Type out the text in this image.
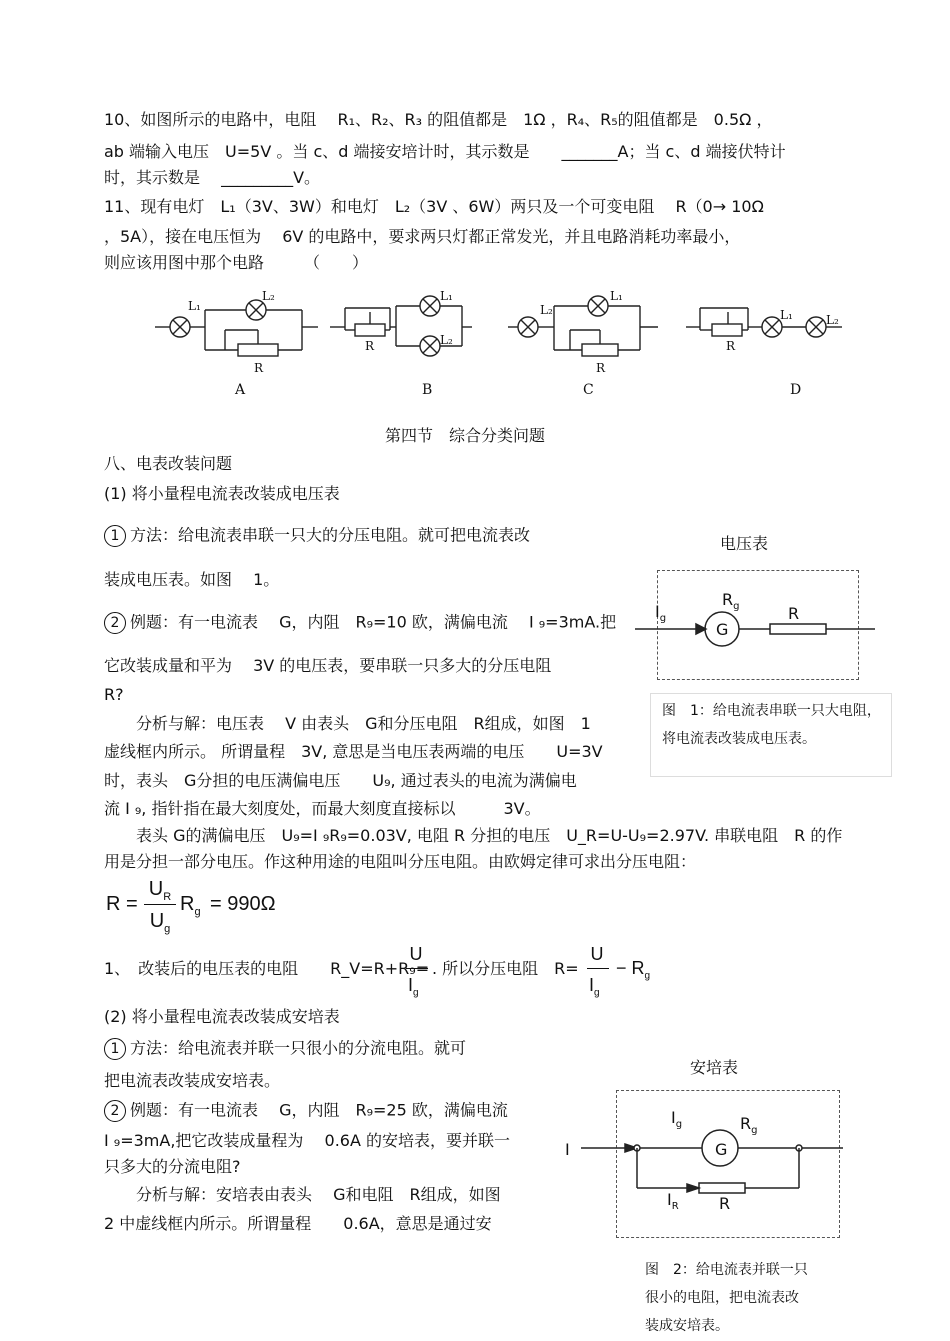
10、如图所示的电路中，电阻　 R₁、R₂、R₃ 的阻值都是　1Ω ，R₄、R₅的阻值都是　0.5Ω ，
ab 端输入电压　U=5V 。当 c、d 端接安培计时，其示数是　　_______A；当 c、d 端接伏特计
时，其示数是　 _________V。
11、现有电灯　L₁（3V、3W）和电灯　L₂（3V 、6W）两只及一个可变电阻　 R（0→ 10Ω
，5A），接在电压恒为　 6V 的电路中，要求两只灯都正常发光，并且电路消耗功率最小，
则应该用图中那个电路　　　（　　）
L₁
L₂
R
R
L₁
L₂
L₂
L₁
R
R
L₁	L₂
A	B	C	D
第四节　综合分类问题
八、电表改装问题
(1) 将小量程电流表改装成电压表
1 方法：给电流表串联一只大的分压电阻。就可把电流表改
装成电压表。如图　 1。
2 例题：有一电流表　 G，内阻　R₉=10 欧，满偏电流　 I ₉=3mA.把
它改装成量和平为　 3V 的电压表，要串联一只多大的分压电阻
R?
　　分析与解：电压表　 V 由表头　G和分压电阻　R组成，如图　1
虚线框内所示。 所谓量程　3V, 意思是当电压表两端的电压　　U=3V
时，表头　G分担的电压满偏电压　　U₉, 通过表头的电流为满偏电
流 I ₉, 指针指在最大刻度处，而最大刻度直接标以　　　3V。
　　表头 G的满偏电压　U₉=I ₉R₉=0.03V, 电阻 R 分担的电压　U_R=U-U₉=2.97V. 串联电阻　R 的作
用是分担一部分电压。作这种用途的电阻叫分压电阻。由欧姆定律可求出分压电阻：
电压表
$I_g$
$R_g$
G
R
图　1：给电流表串联一只大电阻，将电流表改装成电压表。
R =
$U_R$
$U_g$
$R_g = 990\Omega$
1、　改装后的电压表的电阻　　R_V=R+R₉=
U
$I_g$
. 所以分压电阻　R=
U
$I_g$
− $R_g$
(2) 将小量程电流表改装成安培表
1 方法：给电流表并联一只很小的分流电阻。就可
把电流表改装成安培表。
2 例题：有一电流表　 G，内阻　R₉=25 欧，满偏电流
I ₉=3mA,把它改装成量程为　 0.6A 的安培表，要并联一
只多大的分流电阻?
　　分析与解：安培表由表头　 G和电阻　R组成，如图
2 中虚线框内所示。所谓量程　　0.6A，意思是通过安
安培表
I
$I_g$	$R_g$
G
$I_R$	R
图　2：给电流表并联一只很小的电阻，把电流表改装成安培表。
